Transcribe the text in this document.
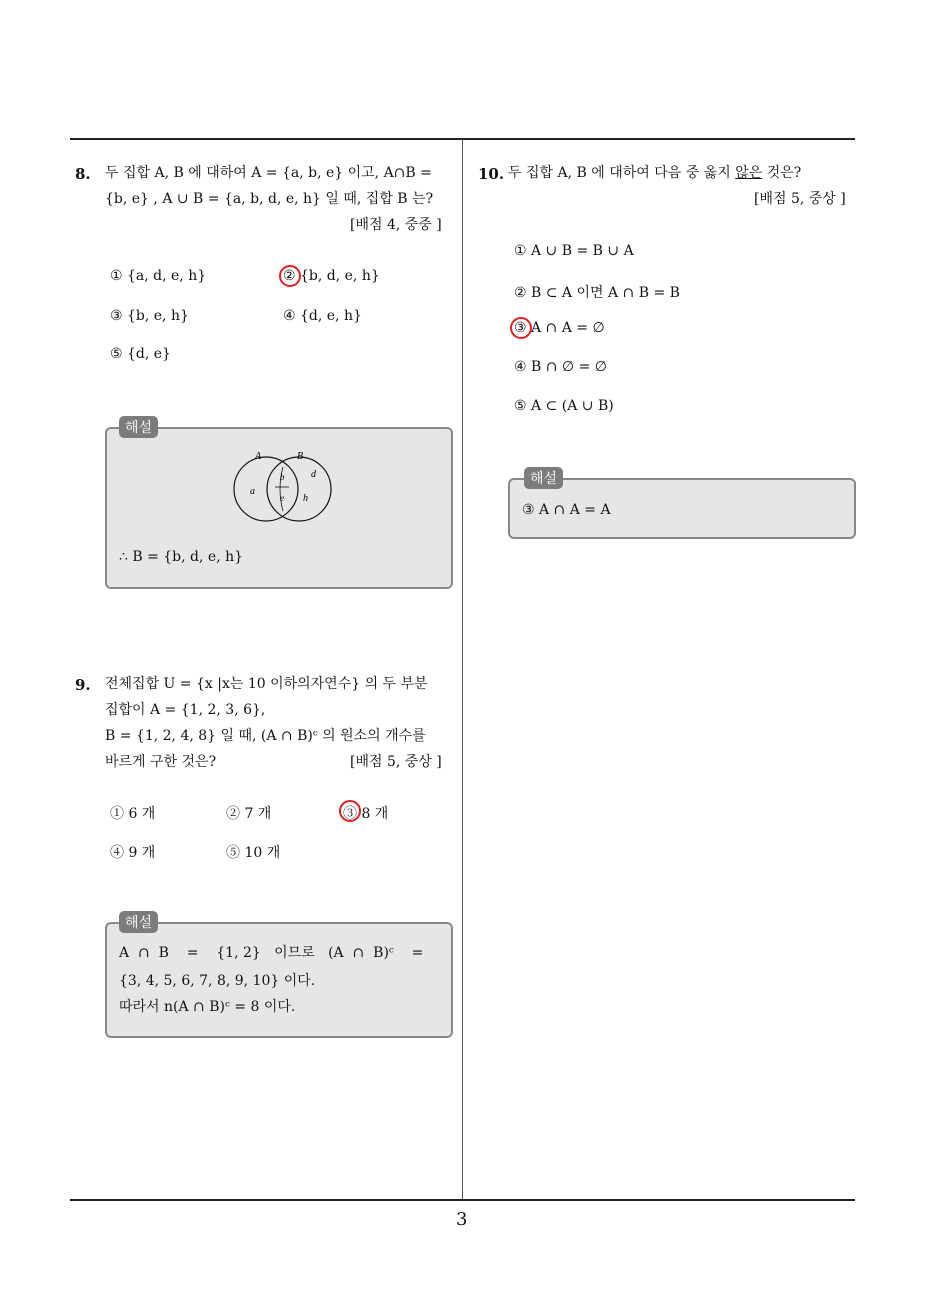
8. 두 집합 A, B 에 대하여 A = {a, b, e} 이고, A∩B =
{b, e} , A ∪ B = {a, b, d, e, h} 일 때, 집합 B 는?
[배점 4, 중중 ]
① {a, d, e, h}	② {b, d, e, h}
③ {b, e, h}	④ {d, e, h}
⑤ {d, e}
A	B
a
b
e
d
h
∴ B = {b, d, e, h}
해설
9. 전체집합 U = {x |x는 10 이하의자연수} 의 두 부분
집합이 A = {1, 2, 3, 6},
B = {1, 2, 4, 8} 일 때, (A ∩ B)ᶜ 의 원소의 개수를
바르게 구한 것은?	[배점 5, 중상 ]
① 6 개	② 7 개	③ 8 개
④ 9 개	⑤ 10 개
A  ∩  B    =    {1, 2}   이므로   (A  ∩  B)ᶜ    =
{3, 4, 5, 6, 7, 8, 9, 10} 이다.
따라서 n(A ∩ B)ᶜ = 8 이다.
해설
10. 두 집합 A, B 에 대하여 다음 중 옳지 않은 것은?
[배점 5, 중상 ]
① A ∪ B = B ∪ A
② B ⊂ A 이면 A ∩ B = B
③ A ∩ A = ∅
④ B ∩ ∅ = ∅
⑤ A ⊂ (A ∪ B)
③ A ∩ A = A
해설
3
